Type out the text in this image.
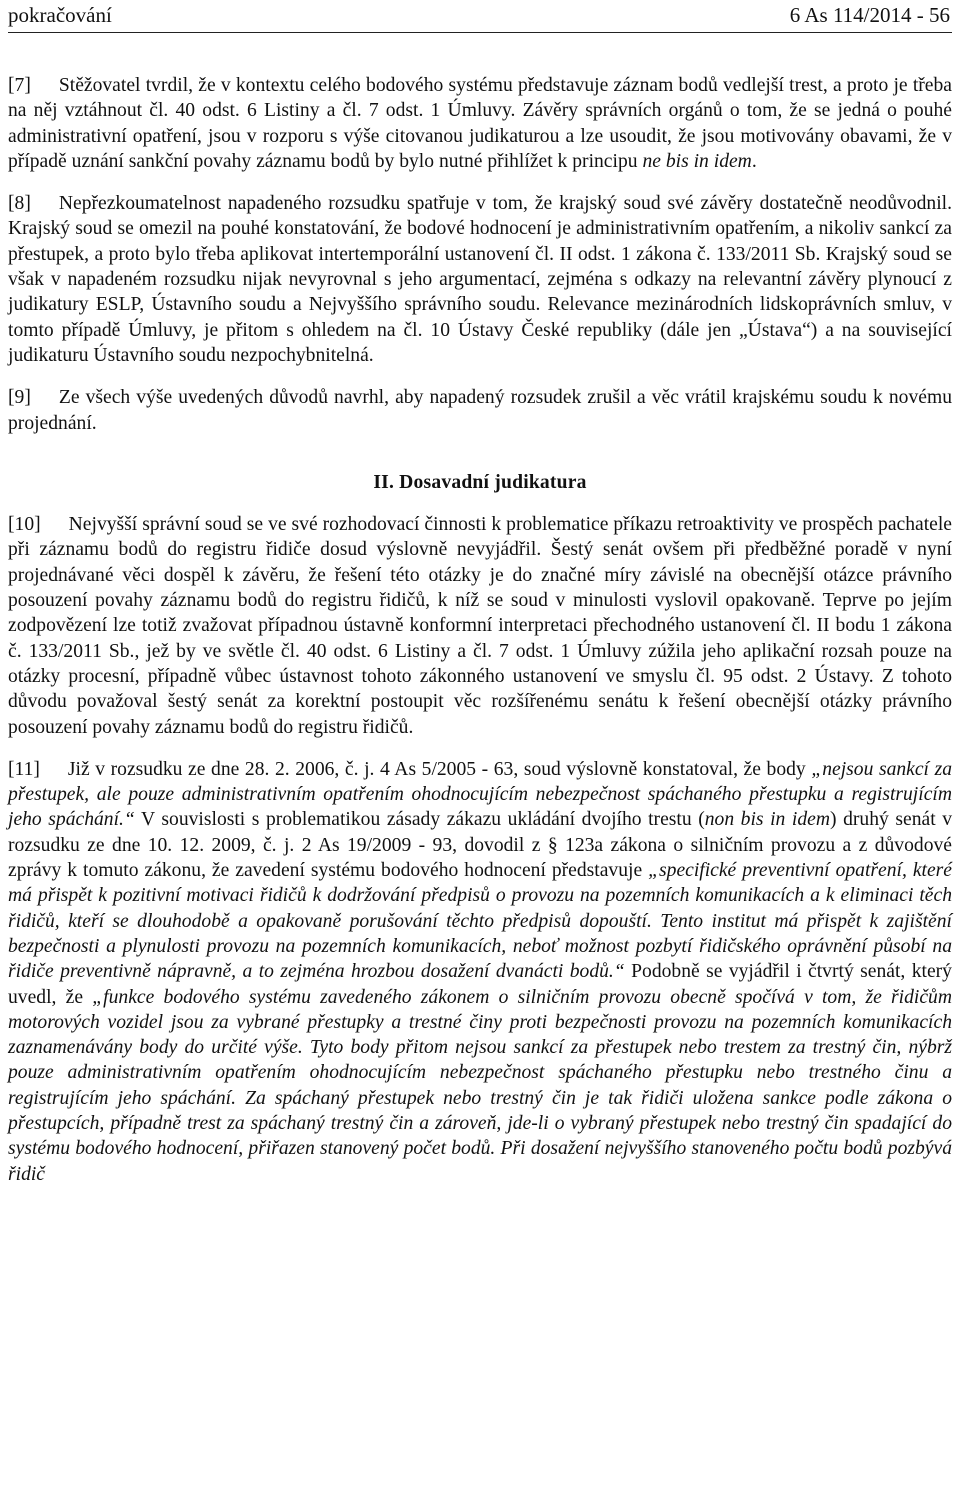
pokračování	6 As 114/2014 - 56

[7] Stěžovatel tvrdil, že v kontextu celého bodového systému představuje záznam bodů vedlejší trest, a proto je třeba na něj vztáhnout čl. 40 odst. 6 Listiny a čl. 7 odst. 1 Úmluvy. Závěry správních orgánů o tom, že se jedná o pouhé administrativní opatření, jsou v rozporu s výše citovanou judikaturou a lze usoudit, že jsou motivovány obavami, že v případě uznání sankční povahy záznamu bodů by bylo nutné přihlížet k principu ne bis in idem.

[8] Nepřezkoumatelnost napadeného rozsudku spatřuje v tom, že krajský soud své závěry dostatečně neodůvodnil. Krajský soud se omezil na pouhé konstatování, že bodové hodnocení je administrativním opatřením, a nikoliv sankcí za přestupek, a proto bylo třeba aplikovat intertemporální ustanovení čl. II odst. 1 zákona č. 133/2011 Sb. Krajský soud se však v napadeném rozsudku nijak nevyrovnal s jeho argumentací, zejména s odkazy na relevantní závěry plynoucí z judikatury ESLP, Ústavního soudu a Nejvyššího správního soudu. Relevance mezinárodních lidskoprávních smluv, v tomto případě Úmluvy, je přitom s ohledem na čl. 10 Ústavy České republiky (dále jen „Ústava“) a na související judikaturu Ústavního soudu nezpochybnitelná.

[9] Ze všech výše uvedených důvodů navrhl, aby napadený rozsudek zrušil a věc vrátil krajskému soudu k novému projednání.

II. Dosavadní judikatura

[10] Nejvyšší správní soud se ve své rozhodovací činnosti k problematice příkazu retroaktivity ve prospěch pachatele při záznamu bodů do registru řidiče dosud výslovně nevyjádřil. Šestý senát ovšem při předběžné poradě v nyní projednávané věci dospěl k závěru, že řešení této otázky je do značné míry závislé na obecnější otázce právního posouzení povahy záznamu bodů do registru řidičů, k níž se soud v minulosti vyslovil opakovaně. Teprve po jejím zodpovězení lze totiž zvažovat případnou ústavně konformní interpretaci přechodného ustanovení čl. II bodu 1 zákona č. 133/2011 Sb., jež by ve světle čl. 40 odst. 6 Listiny a čl. 7 odst. 1 Úmluvy zúžila jeho aplikační rozsah pouze na otázky procesní, případně vůbec ústavnost tohoto zákonného ustanovení ve smyslu čl. 95 odst. 2 Ústavy. Z tohoto důvodu považoval šestý senát za korektní postoupit věc rozšířenému senátu k řešení obecnější otázky právního posouzení povahy záznamu bodů do registru řidičů.

[11] Již v rozsudku ze dne 28. 2. 2006, č. j. 4 As 5/2005 - 63, soud výslovně konstatoval, že body „nejsou sankcí za přestupek, ale pouze administrativním opatřením ohodnocujícím nebezpečnost spáchaného přestupku a registrujícím jeho spáchání.“ V souvislosti s problematikou zásady zákazu ukládání dvojího trestu (non bis in idem) druhý senát v rozsudku ze dne 10. 12. 2009, č. j. 2 As 19/2009 - 93, dovodil z § 123a zákona o silničním provozu a z důvodové zprávy k tomuto zákonu, že zavedení systému bodového hodnocení představuje „specifické preventivní opatření, které má přispět k pozitivní motivaci řidičů k dodržování předpisů o provozu na pozemních komunikacích a k eliminaci těch řidičů, kteří se dlouhodobě a opakovaně porušování těchto předpisů dopouští. Tento institut má přispět k zajištění bezpečnosti a plynulosti provozu na pozemních komunikacích, neboť možnost pozbytí řidičského oprávnění působí na řidiče preventivně nápravně, a to zejména hrozbou dosažení dvanácti bodů.“ Podobně se vyjádřil i čtvrtý senát, který uvedl, že „funkce bodového systému zavedeného zákonem o silničním provozu obecně spočívá v tom, že řidičům motorových vozidel jsou za vybrané přestupky a trestné činy proti bezpečnosti provozu na pozemních komunikacích zaznamenávány body do určité výše. Tyto body přitom nejsou sankcí za přestupek nebo trestem za trestný čin, nýbrž pouze administrativním opatřením ohodnocujícím nebezpečnost spáchaného přestupku nebo trestného činu a registrujícím jeho spáchání. Za spáchaný přestupek nebo trestný čin je tak řidiči uložena sankce podle zákona o přestupcích, případně trest za spáchaný trestný čin a zároveň, jde-li o vybraný přestupek nebo trestný čin spadající do systému bodového hodnocení, přiřazen stanovený počet bodů. Při dosažení nejvyššího stanoveného počtu bodů pozbývá řidič
